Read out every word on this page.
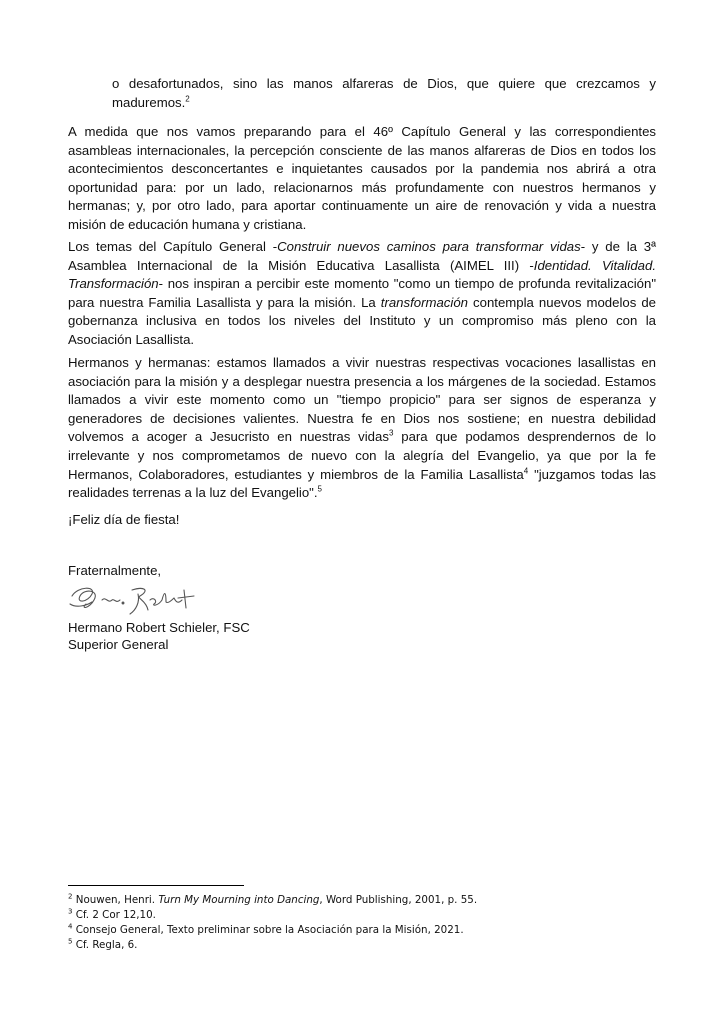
o desafortunados, sino las manos alfareras de Dios, que quiere que crezcamos y maduremos.$^2$

A medida que nos vamos preparando para el 46º Capítulo General y las correspondientes asambleas internacionales, la percepción consciente de las manos alfareras de Dios en todos los acontecimientos desconcertantes e inquietantes causados por la pandemia nos abrirá a otra oportunidad para: por un lado, relacionarnos más profundamente con nuestros hermanos y hermanas; y, por otro lado, para aportar continuamente un aire de renovación y vida a nuestra misión de educación humana y cristiana.

Los temas del Capítulo General -Construir nuevos caminos para transformar vidas- y de la 3ª Asamblea Internacional de la Misión Educativa Lasallista (AIMEL III) -Identidad. Vitalidad. Transformación- nos inspiran a percibir este momento "como un tiempo de profunda revitalización" para nuestra Familia Lasallista y para la misión. La transformación contempla nuevos modelos de gobernanza inclusiva en todos los niveles del Instituto y un compromiso más pleno con la Asociación Lasallista.

Hermanos y hermanas: estamos llamados a vivir nuestras respectivas vocaciones lasallistas en asociación para la misión y a desplegar nuestra presencia a los márgenes de la sociedad. Estamos llamados a vivir este momento como un "tiempo propicio" para ser signos de esperanza y generadores de decisiones valientes. Nuestra fe en Dios nos sostiene; en nuestra debilidad volvemos a acoger a Jesucristo en nuestras vidas$^3$ para que podamos desprendernos de lo irrelevante y nos comprometamos de nuevo con la alegría del Evangelio, ya que por la fe Hermanos, Colaboradores, estudiantes y miembros de la Familia Lasallista$^4$ "juzgamos todas las realidades terrenas a la luz del Evangelio".$^5$

¡Feliz día de fiesta!

Fraternalmente,

Hermano Robert Schieler, FSC

Superior General

$^2$ Nouwen, Henri. Turn My Mourning into Dancing, Word Publishing, 2001, p. 55.

$^3$ Cf. 2 Cor 12,10.

$^4$ Consejo General, Texto preliminar sobre la Asociación para la Misión, 2021.

$^5$ Cf. Regla, 6.
